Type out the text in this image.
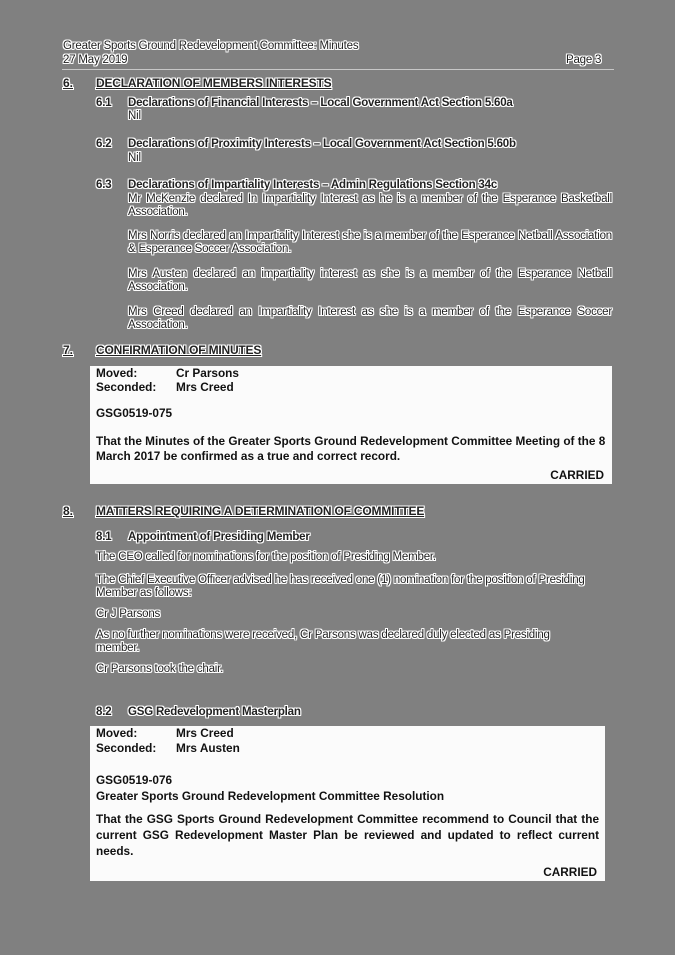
Greater Sports Ground Redevelopment Committee: Minutes
27 May 2019	Page 3
6. DECLARATION OF MEMBERS INTERESTS
6.1 Declarations of Financial Interests – Local Government Act Section 5.60a
Nil
6.2 Declarations of Proximity Interests – Local Government Act Section 5.60b
Nil
6.3 Declarations of Impartiality Interests – Admin Regulations Section 34c
Mr McKenzie declared In Impartiality Interest as he is a member of the Esperance Basketball Association.
Mrs Norris declared an Impartiality Interest she is a member of the Esperance Netball Association & Esperance Soccer Association.
Mrs Austen declared an impartiality interest as she is a member of the Esperance Netball Association.
Mrs Creed declared an Impartiality Interest as she is a member of the Esperance Soccer Association.
7. CONFIRMATION OF MINUTES
Moved:	Cr Parsons
Seconded: Mrs Creed
GSG0519-075
That the Minutes of the Greater Sports Ground Redevelopment Committee Meeting of the 8 March 2017 be confirmed as a true and correct record.
CARRIED
8. MATTERS REQUIRING A DETERMINATION OF COMMITTEE
8.1 Appointment of Presiding Member
The CEO called for nominations for the position of Presiding Member.
The Chief Executive Officer advised he has received one (1) nomination for the position of Presiding Member as follows:
Cr J Parsons
As no further nominations were received, Cr Parsons was declared duly elected as Presiding member.
Cr Parsons took the chair.
8.2 GSG Redevelopment Masterplan
Moved:	Mrs Creed
Seconded: Mrs Austen
GSG0519-076
Greater Sports Ground Redevelopment Committee Resolution
That the GSG Sports Ground Redevelopment Committee recommend to Council that the current GSG Redevelopment Master Plan be reviewed and updated to reflect current needs.
CARRIED
